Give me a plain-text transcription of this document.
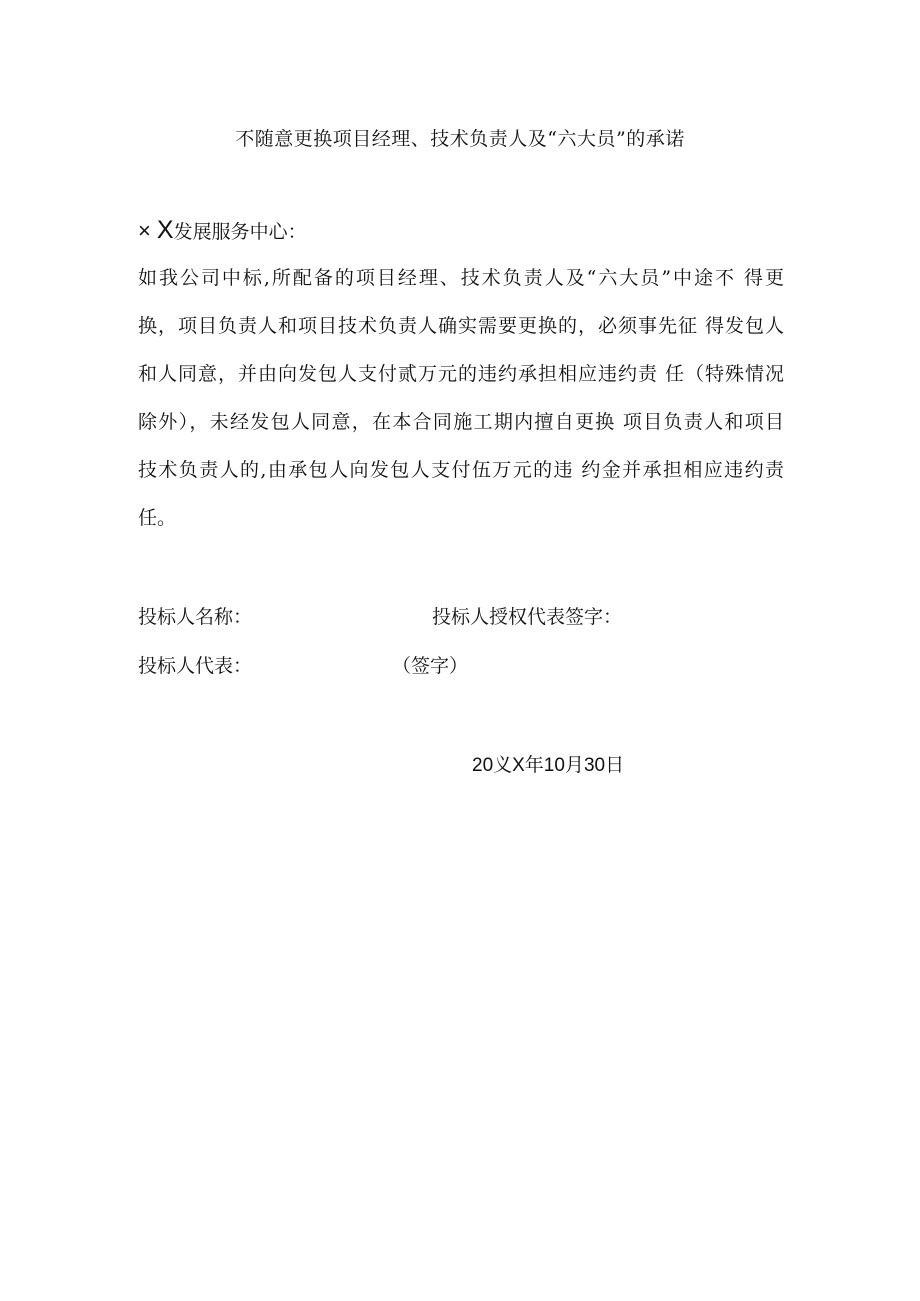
不随意更换项目经理、技术负责人及“六大员”的承诺
× X发展服务中心：
如我公司中标,所配备的项目经理、技术负责人及“六大员”中途不 得更
换，项目负责人和项目技术负责人确实需要更换的，必须事先征 得发包人
和人同意，并由向发包人支付贰万元的违约承担相应违约责 任（特殊情况
除外），未经发包人同意，在本合同施工期内擅自更换 项目负责人和项目
技术负责人的,由承包人向发包人支付伍万元的违 约金并承担相应违约责
任。
投标人名称：	投标人授权代表签字：
投标人代表：	（签字）
20义X年10月30日
